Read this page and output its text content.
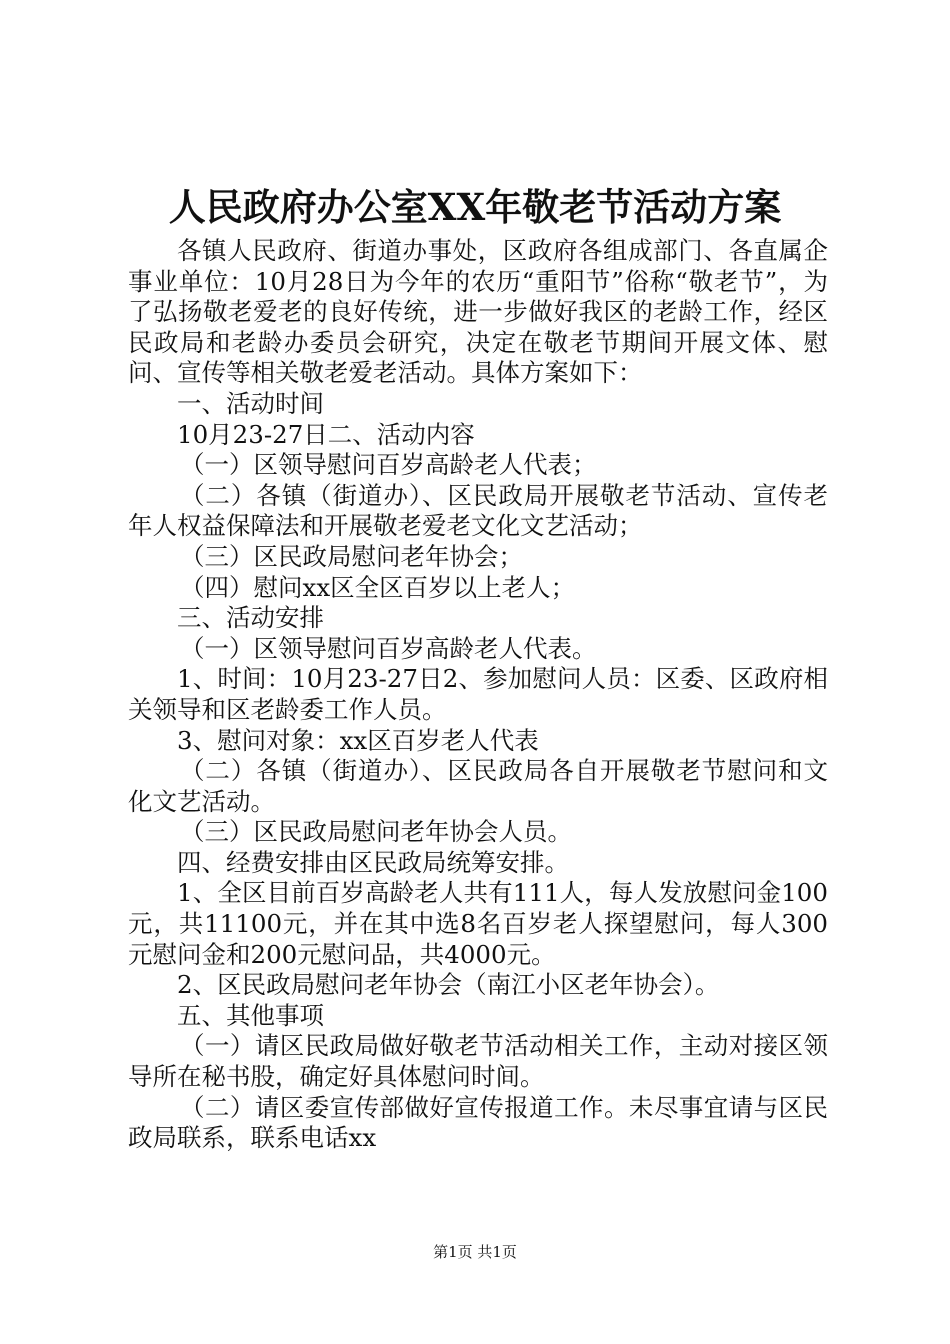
人民政府办公室XX年敬老节活动方案

各镇人民政府、街道办事处，区政府各组成部门、各直属企事业单位：10月28日为今年的农历“重阳节”俗称“敬老节”，为了弘扬敬老爱老的良好传统，进一步做好我区的老龄工作，经区民政局和老龄办委员会研究，决定在敬老节期间开展文体、慰问、宣传等相关敬老爱老活动。具体方案如下：

一、活动时间

10月23-27日二、活动内容

（一）区领导慰问百岁高龄老人代表；

（二）各镇（街道办）、区民政局开展敬老节活动、宣传老年人权益保障法和开展敬老爱老文化文艺活动；

（三）区民政局慰问老年协会；

（四）慰问xx区全区百岁以上老人；

三、活动安排

（一）区领导慰问百岁高龄老人代表。

1、时间：10月23-27日2、参加慰问人员：区委、区政府相关领导和区老龄委工作人员。

3、慰问对象：xx区百岁老人代表

（二）各镇（街道办）、区民政局各自开展敬老节慰问和文化文艺活动。

（三）区民政局慰问老年协会人员。

四、经费安排由区民政局统筹安排。

1、全区目前百岁高龄老人共有111人，每人发放慰问金100元，共11100元，并在其中选8名百岁老人探望慰问，每人300元慰问金和200元慰问品，共4000元。

2、区民政局慰问老年协会（南江小区老年协会）。

五、其他事项

（一）请区民政局做好敬老节活动相关工作，主动对接区领导所在秘书股，确定好具体慰问时间。

（二）请区委宣传部做好宣传报道工作。未尽事宜请与区民政局联系，联系电话xx

第1页 共1页
